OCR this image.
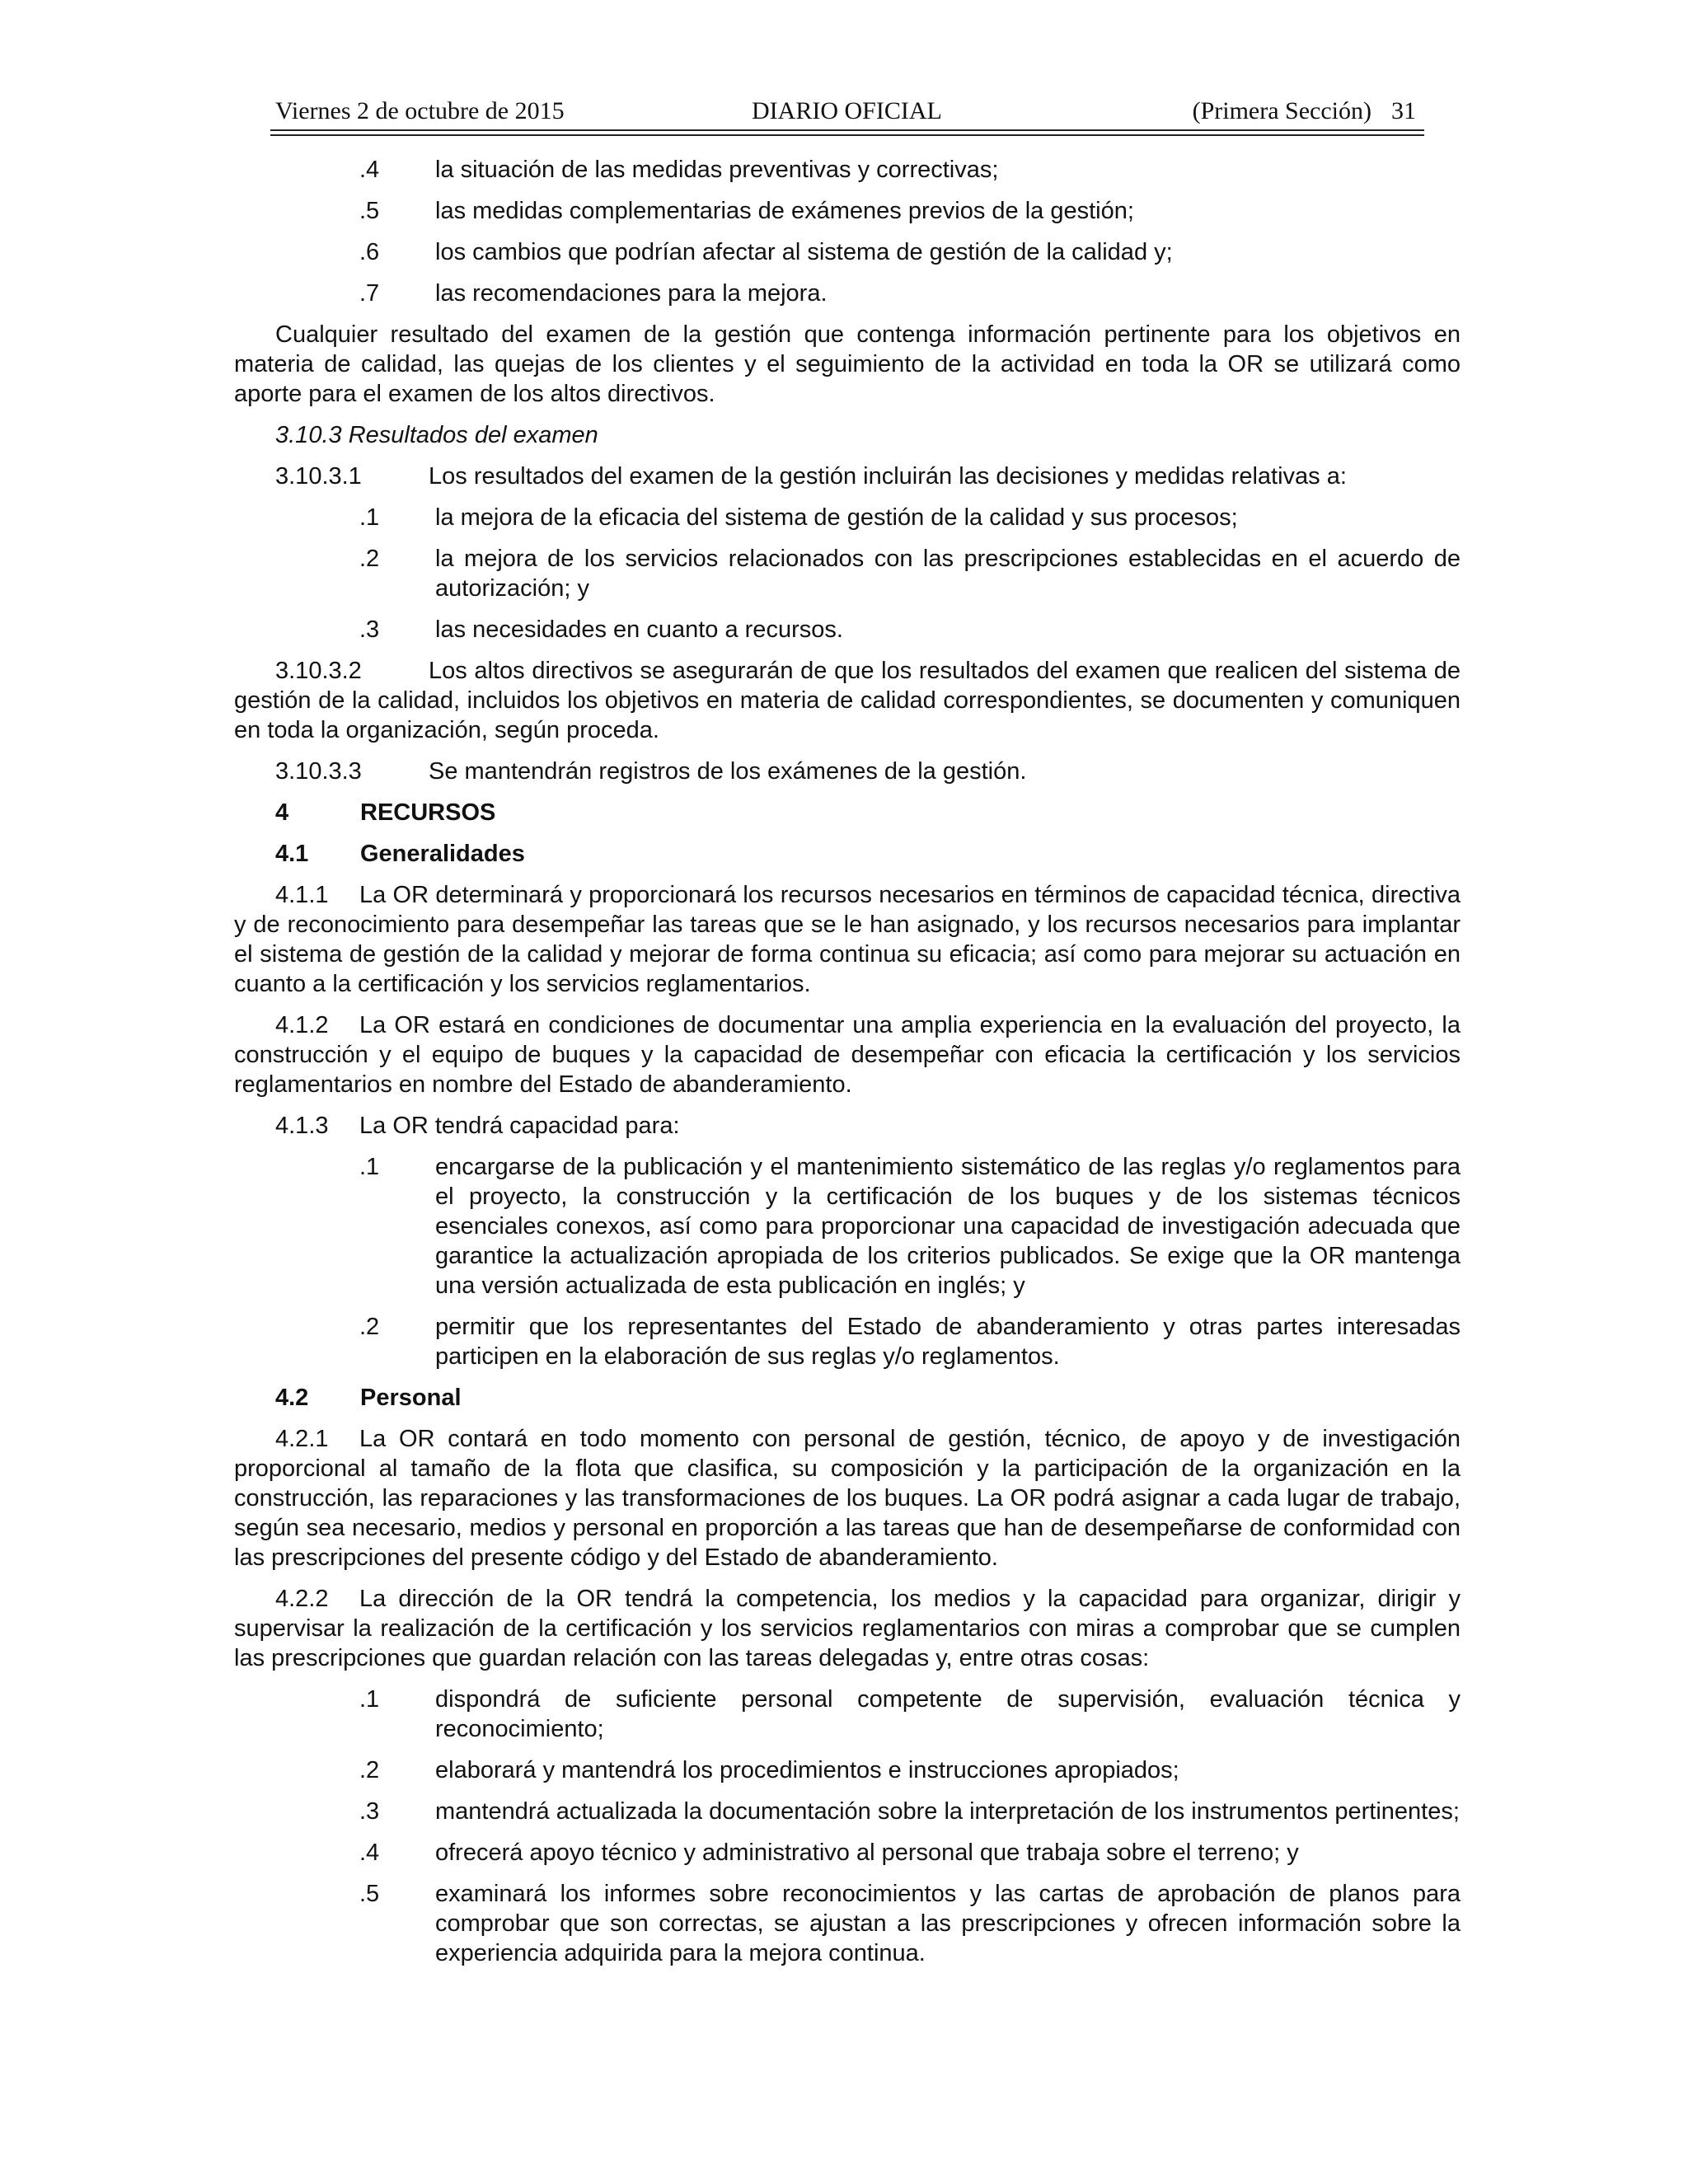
Viernes 2 de octubre de 2015	DIARIO OFICIAL	(Primera Sección) 31
.4 la situación de las medidas preventivas y correctivas;
.5 las medidas complementarias de exámenes previos de la gestión;
.6 los cambios que podrían afectar al sistema de gestión de la calidad y;
.7 las recomendaciones para la mejora.
Cualquier resultado del examen de la gestión que contenga información pertinente para los objetivos en materia de calidad, las quejas de los clientes y el seguimiento de la actividad en toda la OR se utilizará como aporte para el examen de los altos directivos.
3.10.3 Resultados del examen
3.10.3.1	Los resultados del examen de la gestión incluirán las decisiones y medidas relativas a:
.1 la mejora de la eficacia del sistema de gestión de la calidad y sus procesos;
.2 la mejora de los servicios relacionados con las prescripciones establecidas en el acuerdo de autorización; y
.3 las necesidades en cuanto a recursos.
3.10.3.2	Los altos directivos se asegurarán de que los resultados del examen que realicen del sistema de gestión de la calidad, incluidos los objetivos en materia de calidad correspondientes, se documenten y comuniquen en toda la organización, según proceda.
3.10.3.3	Se mantendrán registros de los exámenes de la gestión.
4	RECURSOS
4.1 Generalidades
4.1.1 La OR determinará y proporcionará los recursos necesarios en términos de capacidad técnica, directiva y de reconocimiento para desempeñar las tareas que se le han asignado, y los recursos necesarios para implantar el sistema de gestión de la calidad y mejorar de forma continua su eficacia; así como para mejorar su actuación en cuanto a la certificación y los servicios reglamentarios.
4.1.2 La OR estará en condiciones de documentar una amplia experiencia en la evaluación del proyecto, la construcción y el equipo de buques y la capacidad de desempeñar con eficacia la certificación y los servicios reglamentarios en nombre del Estado de abanderamiento.
4.1.3 La OR tendrá capacidad para:
.1 encargarse de la publicación y el mantenimiento sistemático de las reglas y/o reglamentos para el proyecto, la construcción y la certificación de los buques y de los sistemas técnicos esenciales conexos, así como para proporcionar una capacidad de investigación adecuada que garantice la actualización apropiada de los criterios publicados. Se exige que la OR mantenga una versión actualizada de esta publicación en inglés; y
.2 permitir que los representantes del Estado de abanderamiento y otras partes interesadas participen en la elaboración de sus reglas y/o reglamentos.
4.2 Personal
4.2.1 La OR contará en todo momento con personal de gestión, técnico, de apoyo y de investigación proporcional al tamaño de la flota que clasifica, su composición y la participación de la organización en la construcción, las reparaciones y las transformaciones de los buques. La OR podrá asignar a cada lugar de trabajo, según sea necesario, medios y personal en proporción a las tareas que han de desempeñarse de conformidad con las prescripciones del presente código y del Estado de abanderamiento.
4.2.2 La dirección de la OR tendrá la competencia, los medios y la capacidad para organizar, dirigir y supervisar la realización de la certificación y los servicios reglamentarios con miras a comprobar que se cumplen las prescripciones que guardan relación con las tareas delegadas y, entre otras cosas:
.1 dispondrá de suficiente personal competente de supervisión, evaluación técnica y reconocimiento;
.2 elaborará y mantendrá los procedimientos e instrucciones apropiados;
.3 mantendrá actualizada la documentación sobre la interpretación de los instrumentos pertinentes;
.4 ofrecerá apoyo técnico y administrativo al personal que trabaja sobre el terreno; y
.5 examinará los informes sobre reconocimientos y las cartas de aprobación de planos para comprobar que son correctas, se ajustan a las prescripciones y ofrecen información sobre la experiencia adquirida para la mejora continua.
